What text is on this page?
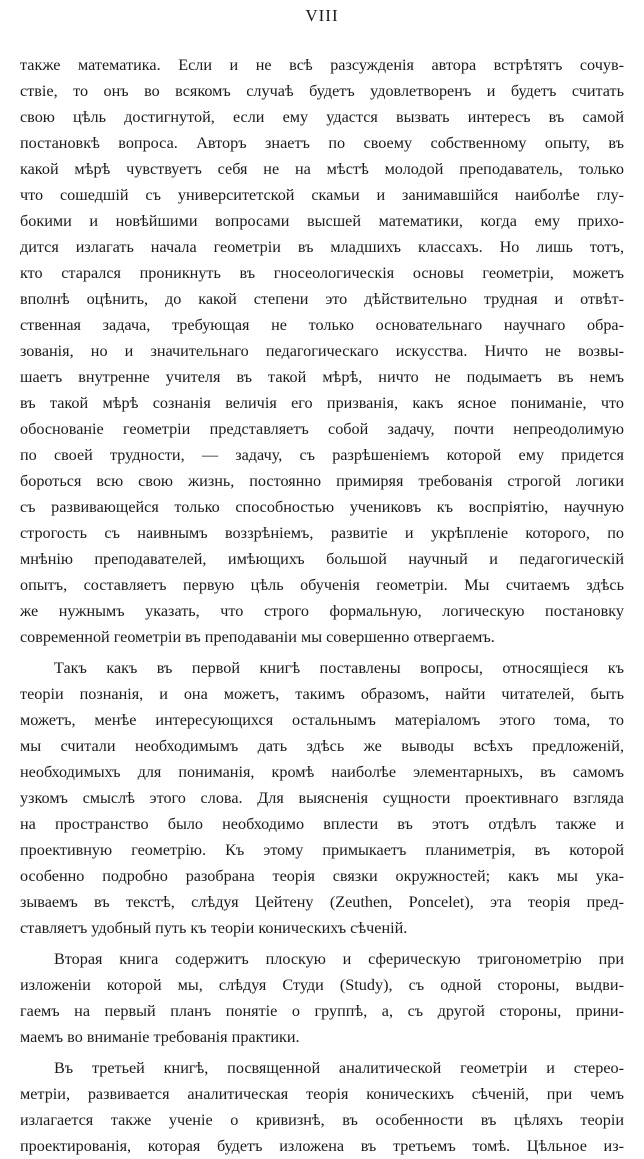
VIII

также математика. Если и не всѣ разсужденія автора встрѣтятъ сочув-
ствіе, то онъ во всякомъ случаѣ будетъ удовлетворенъ и будетъ считать
свою цѣль достигнутой, если ему удастся вызвать интересъ въ самой
постановкѣ вопроса. Авторъ знаетъ по своему собственному опыту, въ
какой мѣрѣ чувствуетъ себя не на мѣстѣ молодой преподаватель, только
что сошедшій съ университетской скамьи и занимавшійся наиболѣе глу-
бокими и новѣйшими вопросами высшей математики, когда ему прихо-
дится излагать начала геометріи въ младшихъ классахъ. Но лишь тотъ,
кто старался проникнуть въ гносеологическія основы геометріи, можетъ
вполнѣ оцѣнить, до какой степени это дѣйствительно трудная и отвѣт-
ственная задача, требующая не только основательнаго научнаго обра-
зованія, но и значительнаго педагогическаго искусства. Ничто не возвы-
шаетъ внутренне учителя въ такой мѣрѣ, ничто не подымаетъ въ немъ
въ такой мѣрѣ сознанія величія его призванія, какъ ясное пониманіе, что
обоснованіе геометріи представляетъ собой задачу, почти непреодолимую
по своей трудности, — задачу, съ разрѣшеніемъ которой ему придется
бороться всю свою жизнь, постоянно примиряя требованія строгой логики
съ развивающейся только способностью учениковъ къ воспріятію, научную
строгость съ наивнымъ воззрѣніемъ, развитіе и укрѣпленіе которого, по
мнѣнію преподавателей, имѣющихъ большой научный и педагогическій
опытъ, составляетъ первую цѣль обученія геометріи. Мы считаемъ здѣсь
же нужнымъ указать, что строго формальную, логическую постановку
современной геометріи въ преподаваніи мы совершенно отвергаемъ.

Такъ какъ въ первой книгѣ поставлены вопросы, относящіеся къ
теоріи познанія, и она можетъ, такимъ образомъ, найти читателей, быть
можетъ, менѣе интересующихся остальнымъ матеріаломъ этого тома, то
мы считали необходимымъ дать здѣсь же выводы всѣхъ предложеній,
необходимыхъ для пониманія, кромѣ наиболѣе элементарныхъ, въ самомъ
узкомъ смыслѣ этого слова. Для выясненія сущности проективнаго взгляда
на пространство было необходимо вплести въ этотъ отдѣлъ также и
проективную геометрію. Къ этому примыкаетъ планиметрія, въ которой
особенно подробно разобрана теорія связки окружностей; какъ мы ука-
зываемъ въ текстѣ, слѣдуя Цейтену (Zeuthen, Poncelet), эта теорія пред-
ставляетъ удобный путь къ теоріи коническихъ сѣченій.

Вторая книга содержитъ плоскую и сферическую тригонометрію при
изложеніи которой мы, слѣдуя Студи (Study), съ одной стороны, выдви-
гаемъ на первый планъ понятіе о группѣ, а, съ другой стороны, прини-
маемъ во вниманіе требованія практики.

Въ третьей книгѣ, посвященной аналитической геометріи и стерео-
метріи, развивается аналитическая теорія коническихъ сѣченій, при чемъ
излагается также ученіе о кривизнѣ, въ особенности въ цѣляхъ теоріи
проектированія, которая будетъ изложена въ третьемъ томѣ. Цѣльное из-
